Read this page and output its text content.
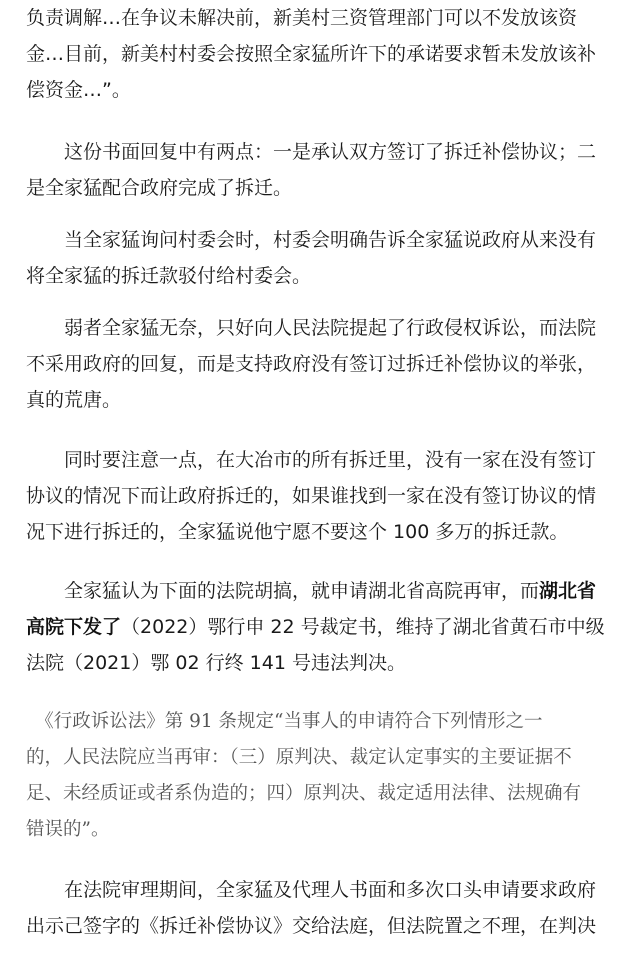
负责调解…在争议未解决前，新美村三资管理部门可以不发放该资
金…目前，新美村村委会按照全家猛所许下的承诺要求暂未发放该补
偿资金…”。
　　这份书面回复中有两点：一是承认双方签订了拆迁补偿协议；二
是全家猛配合政府完成了拆迁。
　　当全家猛询问村委会时，村委会明确告诉全家猛说政府从来没有
将全家猛的拆迁款驳付给村委会。
　　弱者全家猛无奈，只好向人民法院提起了行政侵权诉讼，而法院
不采用政府的回复，而是支持政府没有签订过拆迁补偿协议的举张，
真的荒唐。
　　同时要注意一点，在大冶市的所有拆迁里，没有一家在没有签订
协议的情况下而让政府拆迁的，如果谁找到一家在没有签订协议的情
况下进行拆迁的，全家猛说他宁愿不要这个 100 多万的拆迁款。
　　全家猛认为下面的法院胡搞，就申请湖北省高院再审，而湖北省
高院下发了（2022）鄂行申 22 号裁定书，维持了湖北省黄石市中级
法院（2021）鄂 02 行终 141 号违法判决。
　《行政诉讼法》第 91 条规定“当事人的申请符合下列情形之一
的，人民法院应当再审：（三）原判决、裁定认定事实的主要证据不
足、未经质证或者系伪造的；四）原判决、裁定适用法律、法规确有
错误的”。
　　在法院审理期间，全家猛及代理人书面和多次口头申请要求政府
出示己签字的《拆迁补偿协议》交给法庭，但法院置之不理，在判决
